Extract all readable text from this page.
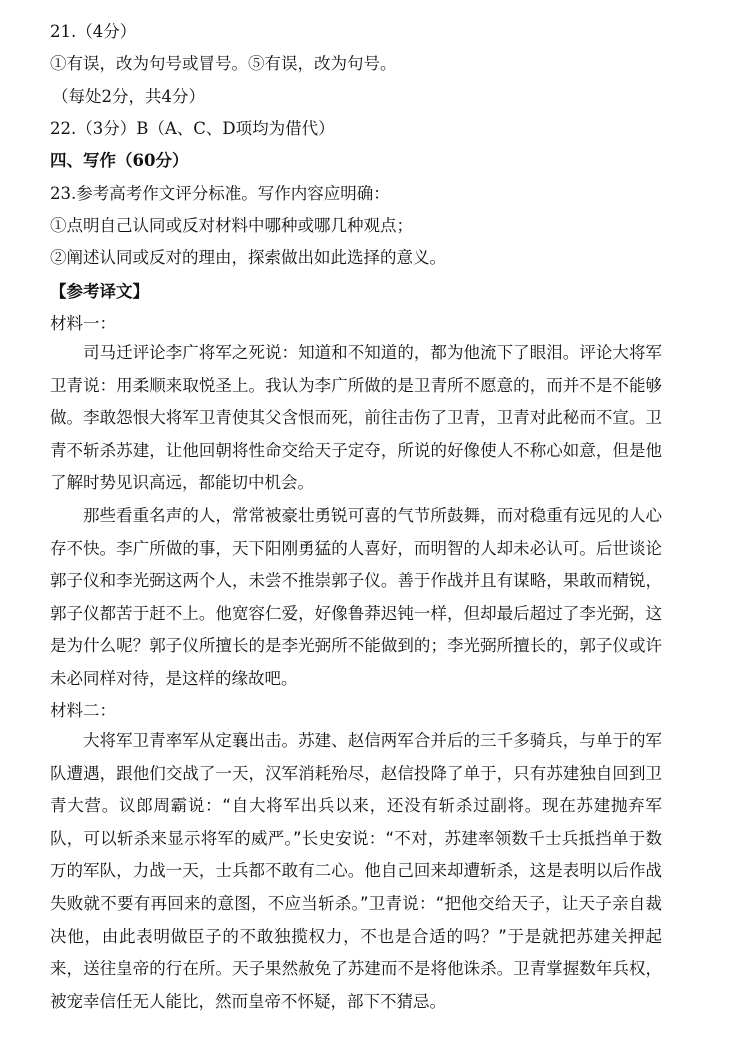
21.（4分）
①有误，改为句号或冒号。⑤有误，改为句号。
（每处2分，共4分）
22.（3分）B（A、C、D项均为借代）
四、写作（60分）
23.参考高考作文评分标准。写作内容应明确：
①点明自己认同或反对材料中哪种或哪几种观点；
②阐述认同或反对的理由，探索做出如此选择的意义。
【参考译文】
材料一：

司马迁评论李广将军之死说：知道和不知道的，都为他流下了眼泪。评论大将军卫青说：用柔顺来取悦圣上。我认为李广所做的是卫青所不愿意的，而并不是不能够做。李敢怨恨大将军卫青使其父含恨而死，前往击伤了卫青，卫青对此秘而不宣。卫青不斩杀苏建，让他回朝将性命交给天子定夺，所说的好像使人不称心如意，但是他了解时势见识高远，都能切中机会。

那些看重名声的人，常常被豪壮勇锐可喜的气节所鼓舞，而对稳重有远见的人心存不快。李广所做的事，天下阳刚勇猛的人喜好，而明智的人却未必认可。后世谈论郭子仪和李光弼这两个人，未尝不推崇郭子仪。善于作战并且有谋略，果敢而精锐，郭子仪都苦于赶不上。他宽容仁爱，好像鲁莽迟钝一样，但却最后超过了李光弼，这是为什么呢？郭子仪所擅长的是李光弼所不能做到的；李光弼所擅长的，郭子仪或许未必同样对待，是这样的缘故吧。

材料二：

大将军卫青率军从定襄出击。苏建、赵信两军合并后的三千多骑兵，与单于的军队遭遇，跟他们交战了一天，汉军消耗殆尽，赵信投降了单于，只有苏建独自回到卫青大营。议郎周霸说：“自大将军出兵以来，还没有斩杀过副将。现在苏建抛弃军队，可以斩杀来显示将军的威严。”长史安说：“不对，苏建率领数千士兵抵挡单于数万的军队，力战一天，士兵都不敢有二心。他自己回来却遭斩杀，这是表明以后作战失败就不要有再回来的意图，不应当斩杀。”卫青说：“把他交给天子，让天子亲自裁决他，由此表明做臣子的不敢独揽权力，不也是合适的吗？”于是就把苏建关押起来，送往皇帝的行在所。天子果然赦免了苏建而不是将他诛杀。卫青掌握数年兵权，被宠幸信任无人能比，然而皇帝不怀疑，部下不猜忌。
